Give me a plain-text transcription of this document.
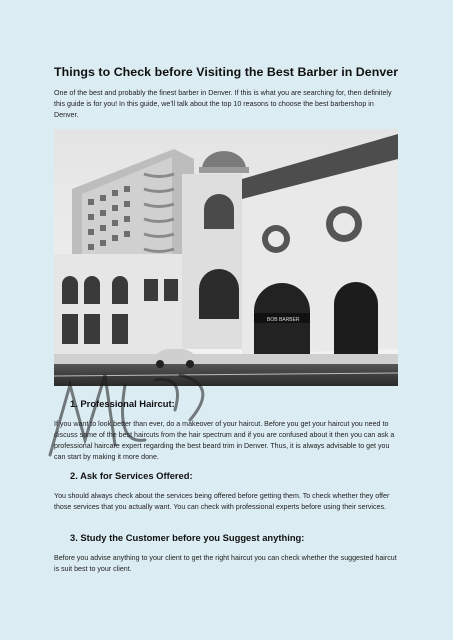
Things to Check before Visiting the Best Barber in Denver
One of the best and probably the finest barber in Denver. If this is what you are searching for, then definitely this guide is for you! In this guide, we’ll talk about the top 10 reasons to choose the best barbershop in Denver.
BOB BARBER
1. Professional Haircut:
If you want to look better than ever, do a makeover of your haircut. Before you get your haircut you need to discuss some of the best haircuts from the hair spectrum and if you are confused about it then you can ask a professional haircare expert regarding the best beard trim in Denver. Thus, it is always advisable to get you can start by making it more done.
2. Ask for Services Offered:
You should always check about the services being offered before getting them. To check whether they offer those services that you actually want. You can check with professional experts before using their services.
3. Study the Customer before you Suggest anything:
Before you advise anything to your client to get the right haircut you can check whether the suggested haircut is suit best to your client.
